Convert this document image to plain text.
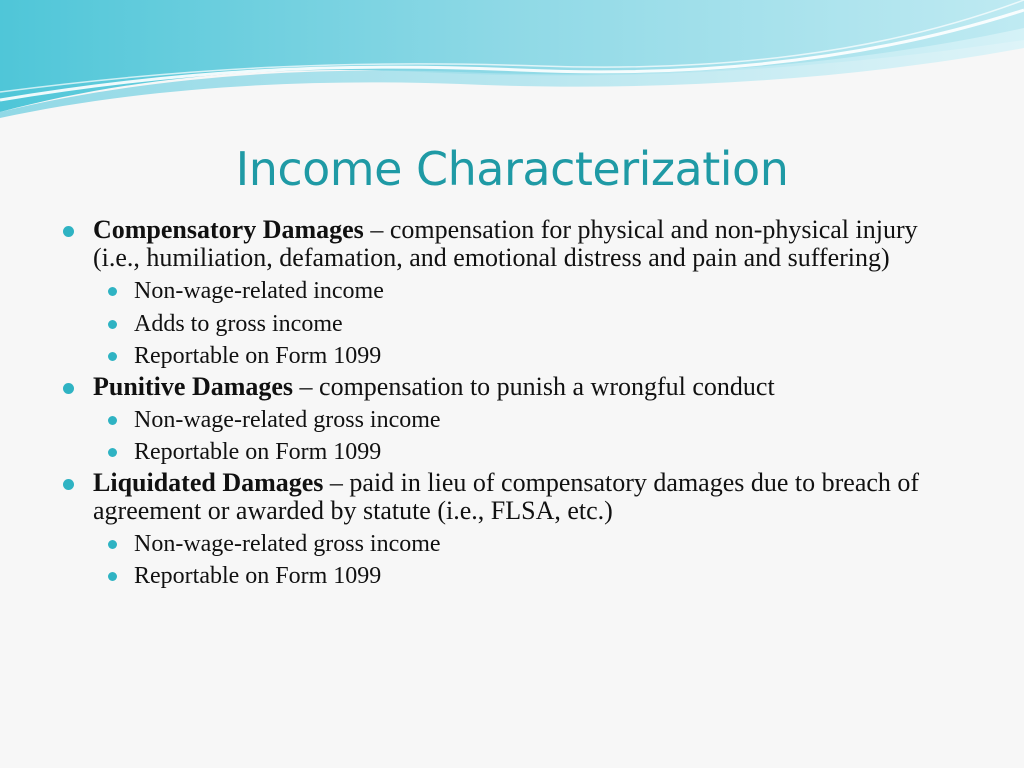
Income Characterization
Compensatory Damages – compensation for physical and non-physical injury (i.e., humiliation, defamation, and emotional distress and pain and suffering)
Non-wage-related income
Adds to gross income
Reportable on Form 1099
Punitive Damages – compensation to punish a wrongful conduct
Non-wage-related gross income
Reportable on Form 1099
Liquidated Damages – paid in lieu of compensatory damages due to breach of agreement or awarded by statute (i.e., FLSA, etc.)
Non-wage-related gross income
Reportable on Form 1099
